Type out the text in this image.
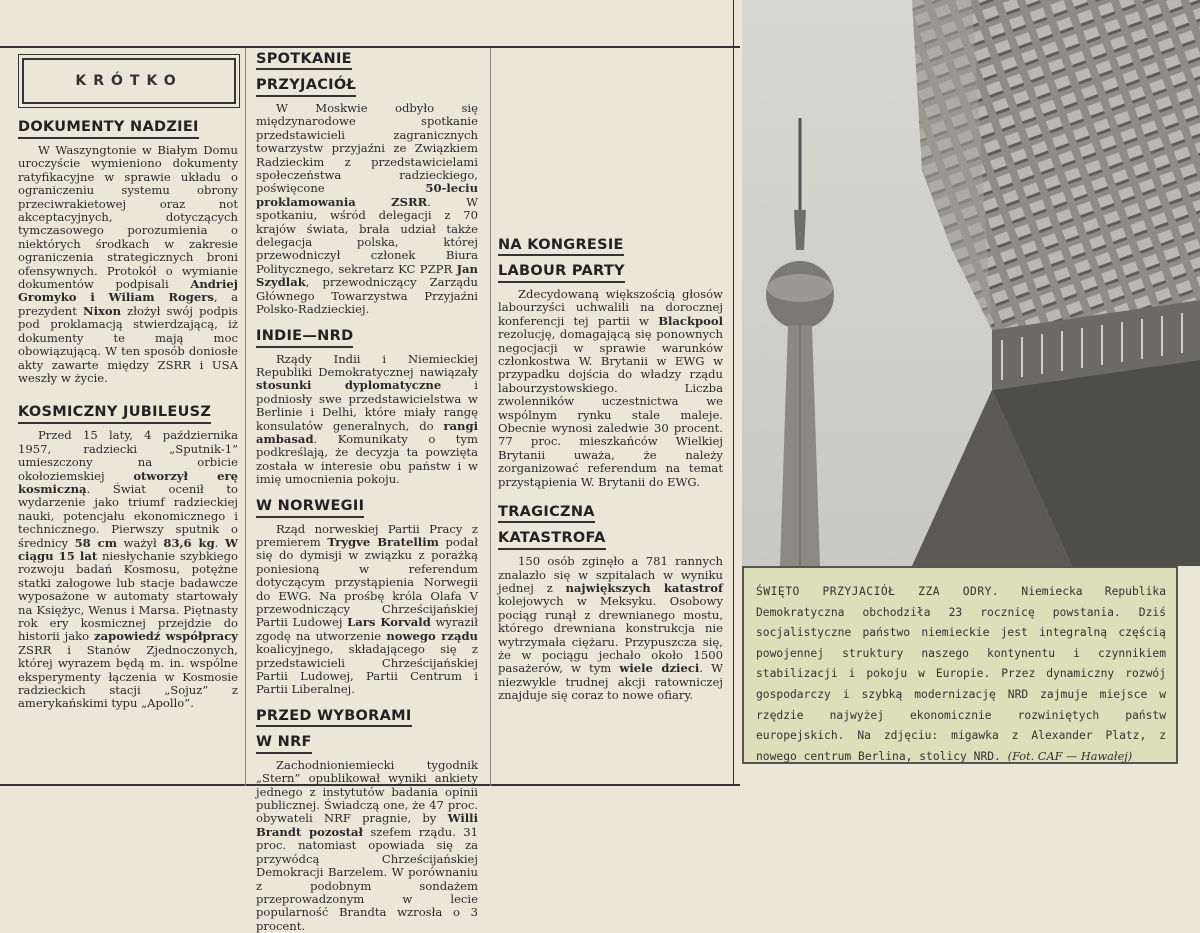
KRÓTKO
DOKUMENTY NADZIEI

W Waszyngtonie w Białym Domu uroczyście wymieniono dokumenty ratyfikacyjne w sprawie układu o ograniczeniu systemu obrony przeciwrakietowej oraz not akceptacyjnych, dotyczących tymczasowego porozumienia o niektórych środkach w zakresie ograniczenia strategicznych broni ofensywnych. Protokół o wymianie dokumentów podpisali Andriej Gromyko i Wiliam Rogers, a prezydent Nixon złożył swój podpis pod proklamacją stwierdzającą, iż dokumenty te mają moc obowiązującą. W ten sposób doniosłe akty zawarte między ZSRR i USA weszły w życie.

KOSMICZNY JUBILEUSZ

Przed 15 laty, 4 października 1957, radziecki „Sputnik-1” umieszczony na orbicie okołoziemskiej otworzył erę kosmiczną. Świat ocenił to wydarzenie jako triumf radzieckiej nauki, potencjału ekonomicznego i technicznego. Pierwszy sputnik o średnicy 58 cm ważył 83,6 kg. W ciągu 15 lat niesłychanie szybkiego rozwoju badań Kosmosu, potężne statki załogowe lub stacje badawcze wyposażone w automaty startowały na Księżyc, Wenus i Marsa. Piętnasty rok ery kosmicznej przejdzie do historii jako zapowiedź współpracy ZSRR i Stanów Zjednoczonych, której wyrazem będą m. in. wspólne eksperymenty łączenia w Kosmosie radzieckich stacji „Sojuz” z amerykańskimi typu „Apollo”.

SPOTKANIE
PRZYJACIÓŁ

W Moskwie odbyło się międzynarodowe spotkanie przedstawicieli zagranicznych towarzystw przyjaźni ze Związkiem Radzieckim z przedstawicielami społeczeństwa radzieckiego, poświęcone 50-leciu proklamowania ZSRR. W spotkaniu, wśród delegacji z 70 krajów świata, brała udział także delegacja polska, której przewodniczył członek Biura Politycznego, sekretarz KC PZPR Jan Szydlak, przewodniczący Zarządu Głównego Towarzystwa Przyjaźni Polsko-Radzieckiej.

INDIE—NRD

Rządy Indii i Niemieckiej Republiki Demokratycznej nawiązały stosunki dyplomatyczne i podniosły swe przedstawicielstwa w Berlinie i Delhi, które miały rangę konsulatów generalnych, do rangi ambasad. Komunikaty o tym podkreślają, że decyzja ta powzięta została w interesie obu państw i w imię umocnienia pokoju.

W NORWEGII

Rząd norweskiej Partii Pracy z premierem Trygve Bratellim podał się do dymisji w związku z porażką poniesioną w referendum dotyczącym przystąpienia Norwegii do EWG. Na prośbę króla Olafa V przewodniczący Chrześcijańskiej Partii Ludowej Lars Korvald wyraził zgodę na utworzenie nowego rządu koalicyjnego, składającego się z przedstawicieli Chrześcijańskiej Partii Ludowej, Partii Centrum i Partii Liberalnej.

PRZED WYBORAMI
W NRF

Zachodnioniemiecki tygodnik „Stern” opublikował wyniki ankiety jednego z instytutów badania opinii publicznej. Świadczą one, że 47 proc. obywateli NRF pragnie, by Willi Brandt pozostał szefem rządu. 31 proc. natomiast opowiada się za przywódcą Chrześcijańskiej Demokracji Barzelem. W porównaniu z podobnym sondażem przeprowadzonym w lecie popularność Brandta wzrosła o 3 procent.

NA KONGRESIE
LABOUR PARTY

Zdecydowaną większością głosów labourzyści uchwalili na dorocznej konferencji tej partii w Blackpool rezolucję, domagającą się ponownych negocjacji w sprawie warunków członkostwa W. Brytanii w EWG w przypadku dojścia do władzy rządu labourzystowskiego. Liczba zwolenników uczestnictwa we wspólnym rynku stale maleje. Obecnie wynosi zaledwie 30 procent. 77 proc. mieszkańców Wielkiej Brytanii uważa, że należy zorganizować referendum na temat przystąpienia W. Brytanii do EWG.

TRAGICZNA
KATASTROFA

150 osób zginęło a 781 rannych znalazło się w szpitalach w wyniku jednej z największych katastrof kolejowych w Meksyku. Osobowy pociąg runął z drewnianego mostu, którego drewniana konstrukcja nie wytrzymała ciężaru. Przypuszcza się, że w pociągu jechało około 1500 pasażerów, w tym wiele dzieci. W niezwykle trudnej akcji ratowniczej znajduje się coraz to nowe ofiary.

ŚWIĘTO PRZYJACIÓŁ ZZA ODRY. Niemiecka Republika Demokratyczna obchodziła 23 rocznicę powstania. Dziś socjalistyczne państwo niemieckie jest integralną częścią powojennej struktury naszego kontynentu i czynnikiem stabilizacji i pokoju w Europie. Przez dynamiczny rozwój gospodarczy i szybką modernizację NRD zajmuje miejsce w rzędzie najwyżej ekonomicznie rozwiniętych państw europejskich. Na zdjęciu: migawka z Alexander Platz, z nowego centrum Berlina, stolicy NRD. (Fot. CAF — Hawałej)
